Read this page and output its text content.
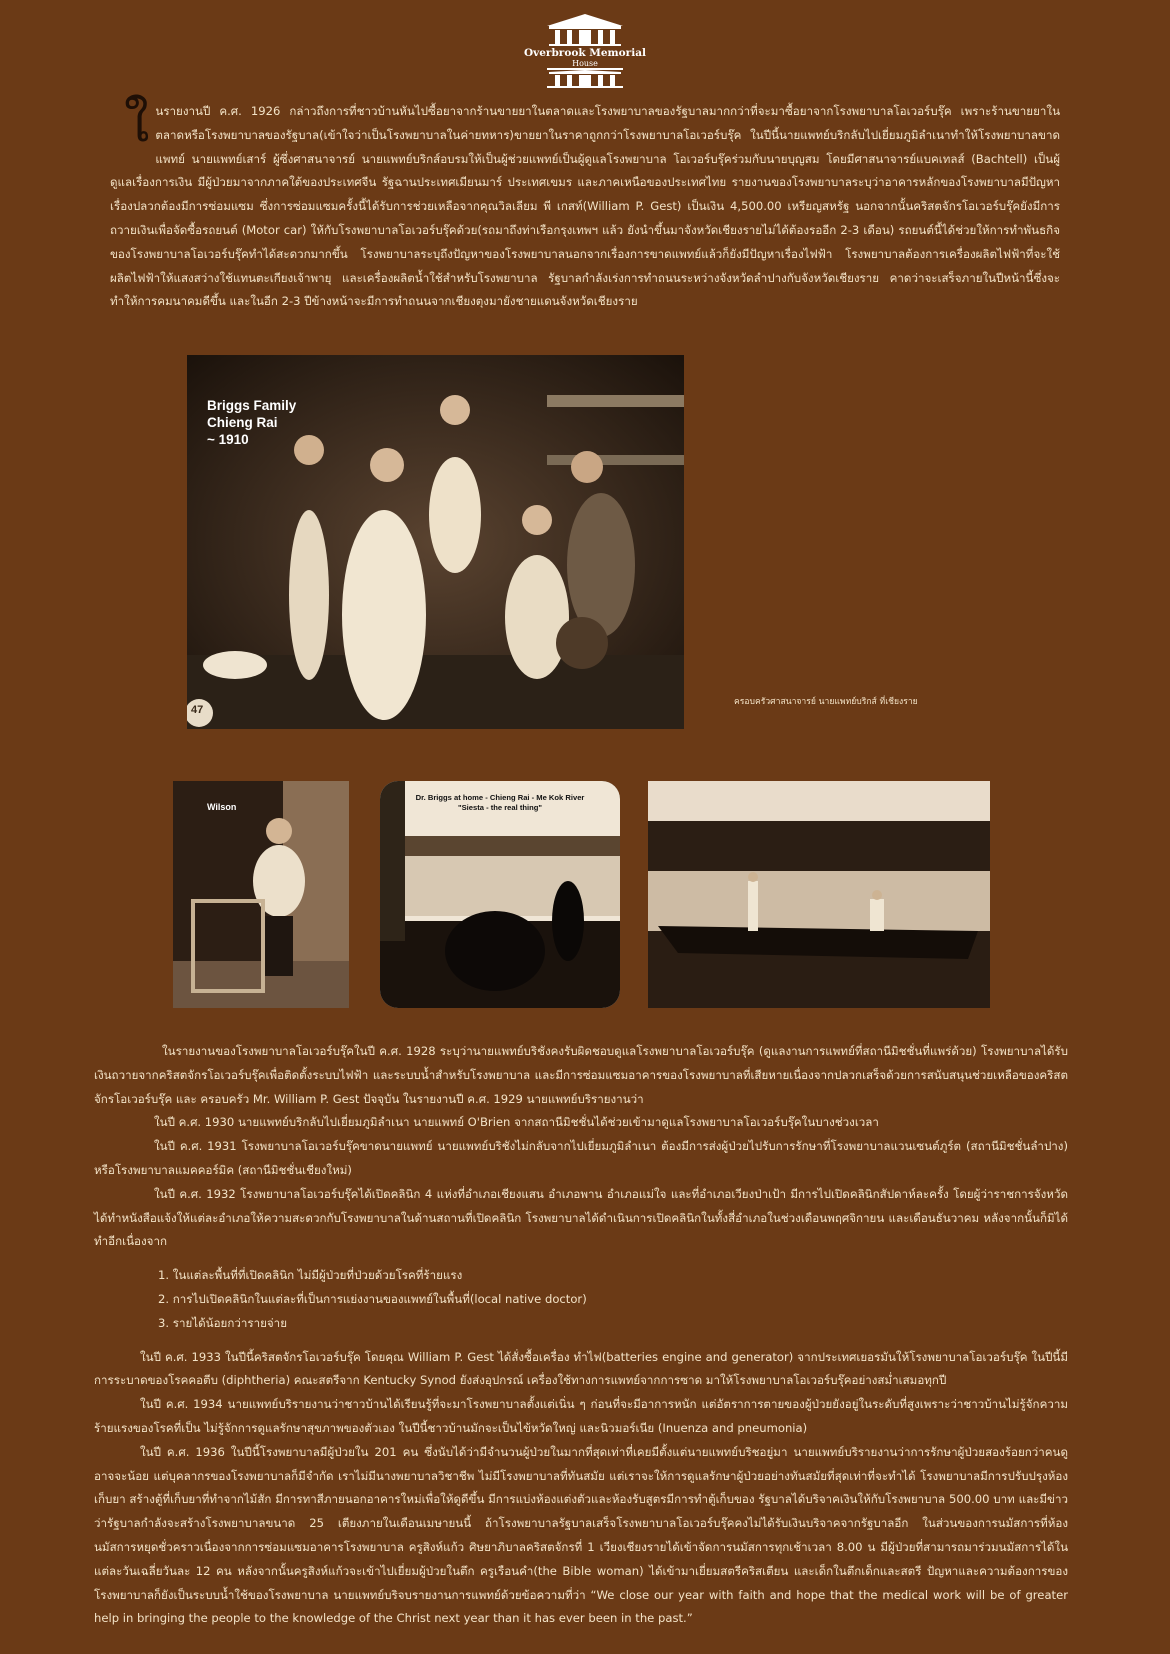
Overbrook Memorial
House
ใ นรายงานปี ค.ศ. 1926 กล่าวถึงการที่ชาวบ้านหันไปซื้อยาจากร้านขายยาในตลาดและโรงพยาบาลของรัฐบาลมากกว่าที่จะมาซื้อยาจากโรงพยาบาลโอเวอร์บรุ๊ค เพราะร้านขายยาในตลาดหรือโรงพยาบาลของรัฐบาล(เข้าใจว่าเป็นโรงพยาบาลในค่ายทหาร)ขายยาในราคาถูกกว่าโรงพยาบาลโอเวอร์บรุ๊ค ในปีนี้นายแพทย์บริกลับไปเยี่ยมภูมิลำเนาทำให้โรงพยาบาลขาดแพทย์ นายแพทย์เสาร์ ผู้ซึ่งศาสนาจารย์ นายแพทย์บริกส์อบรมให้เป็นผู้ช่วยแพทย์เป็นผู้ดูแลโรงพยาบาล โอเวอร์บรุ๊คร่วมกับนายบุญสม โดยมีศาสนาจารย์แบคเทลส์ (Bachtell) เป็นผู้ดูแลเรื่องการเงิน มีผู้ป่วยมาจากภาคใต้ของประเทศจีน รัฐฉานประเทศเมียนมาร์ ประเทศเขมร และภาคเหนือของประเทศไทย รายงานของโรงพยาบาลระบุว่าอาคารหลักของโรงพยาบาลมีปัญหาเรื่องปลวกต้องมีการซ่อมแซม ซึ่งการซ่อมแซมครั้งนี้ได้รับการช่วยเหลือจากคุณวิลเลียม พี เกสท์(William P. Gest) เป็นเงิน 4,500.00 เหรียญสหรัฐ นอกจากนั้นคริสตจักรโอเวอร์บรุ๊คยังมีการถวายเงินเพื่อจัดซื้อรถยนต์ (Motor car) ให้กับโรงพยาบาลโอเวอร์บรุ๊คด้วย(รถมาถึงท่าเรือกรุงเทพฯ แล้ว ยังนำขึ้นมาจังหวัดเชียงรายไม่ได้ต้องรออีก 2-3 เดือน) รถยนต์นี้ได้ช่วยให้การทำพันธกิจของโรงพยาบาลโอเวอร์บรุ๊คทำได้สะดวกมากขึ้น โรงพยาบาลระบุถึงปัญหาของโรงพยาบาลนอกจากเรื่องการขาดแพทย์แล้วก็ยังมีปัญหาเรื่องไฟฟ้า โรงพยาบาลต้องการเครื่องผลิตไฟฟ้าที่จะใช้ผลิตไฟฟ้าให้แสงสว่างใช้แทนตะเกียงเจ้าพายุ และเครื่องผลิตน้ำใช้สำหรับโรงพยาบาล รัฐบาลกำลังเร่งการทำถนนระหว่างจังหวัดลำปางกับจังหวัดเชียงราย คาดว่าจะเสร็จภายในปีหน้านี้ซึ่งจะทำให้การคมนาคมดีขึ้น และในอีก 2-3 ปีข้างหน้าจะมีการทำถนนจากเชียงตุงมายังชายแดนจังหวัดเชียงราย

Briggs Family
Chieng Rai
~ 1910
47
ครอบครัวศาสนาจารย์ นายแพทย์บริกส์ ที่เชียงราย
Wilson
Dr. Briggs at home - Chieng Rai - Me Kok River
"Siesta - the real thing"

ในรายงานของโรงพยาบาลโอเวอร์บรุ๊คในปี ค.ศ. 1928 ระบุว่านายแพทย์บริชังคงรับผิดชอบดูแลโรงพยาบาลโอเวอร์บรุ๊ค (ดูแลงานการแพทย์ที่สถานีมิชชั่นที่แพร่ด้วย) โรงพยาบาลได้รับเงินถวายจากคริสตจักรโอเวอร์บรุ๊คเพื่อติดตั้งระบบไฟฟ้า และระบบน้ำสำหรับโรงพยาบาล และมีการซ่อมแซมอาคารของโรงพยาบาลที่เสียหายเนื่องจากปลวกเสร็จด้วยการสนับสนุนช่วยเหลือของคริสตจักรโอเวอร์บรุ๊ค และ ครอบครัว Mr. William P. Gest ปัจจุบัน ในรายงานปี ค.ศ. 1929 นายแพทย์บริรายงานว่า

ในปี ค.ศ. 1930 นายแพทย์บริกลับไปเยี่ยมภูมิลำเนา นายแพทย์ O'Brien จากสถานีมิชชั่นได้ช่วยเข้ามาดูแลโรงพยาบาลโอเวอร์บรุ๊คในบางช่วงเวลา

ในปี ค.ศ. 1931 โรงพยาบาลโอเวอร์บรุ๊คขาดนายแพทย์ นายแพทย์บริชังไม่กลับจากไปเยี่ยมภูมิลำเนา ต้องมีการส่งผู้ป่วยไปรับการรักษาที่โรงพยาบาลแวนเซนต์ภูร์ต (สถานีมิชชั่นลำปาง) หรือโรงพยาบาลแมคคอร์มิค (สถานีมิชชั่นเชียงใหม่)

ในปี ค.ศ. 1932 โรงพยาบาลโอเวอร์บรุ๊คได้เปิดคลินิก 4 แห่งที่อำเภอเชียงแสน อำเภอพาน อำเภอแม่ใจ และที่อำเภอเวียงป่าเป้า มีการไปเปิดคลินิกสัปดาห์ละครั้ง โดยผู้ว่าราชการจังหวัดได้ทำหนังสือแจ้งให้แต่ละอำเภอให้ความสะดวกกับโรงพยาบาลในด้านสถานที่เปิดคลินิก โรงพยาบาลได้ดำเนินการเปิดคลินิกในทั้งสี่อำเภอในช่วงเดือนพฤศจิกายน และเดือนธันวาคม หลังจากนั้นก็มิได้ทำอีกเนื่องจาก

1. ในแต่ละพื้นที่ที่เปิดคลินิก ไม่มีผู้ป่วยที่ป่วยด้วยโรคที่ร้ายแรง
2. การไปเปิดคลินิกในแต่ละที่เป็นการแย่งงานของแพทย์ในพื้นที่(local native doctor)
3. รายได้น้อยกว่ารายจ่าย

ในปี ค.ศ. 1933 ในปีนี้คริสตจักรโอเวอร์บรุ๊ค โดยคุณ William P. Gest ได้สั่งซื้อเครื่อง ทำไฟ(batteries engine and generator) จากประเทศเยอรมันให้โรงพยาบาลโอเวอร์บรุ๊ค ในปีนี้มีการระบาดของโรคคอตีบ (diphtheria) คณะสตรีจาก Kentucky Synod ยังส่งอุปกรณ์ เครื่องใช้ทางการแพทย์จากการซาด มาให้โรงพยาบาลโอเวอร์บรุ๊คอย่างสม่ำเสมอทุกปี

ในปี ค.ศ. 1934 นายแพทย์บริรายงานว่าชาวบ้านได้เรียนรู้ที่จะมาโรงพยาบาลตั้งแต่เนิ่น ๆ ก่อนที่จะมีอาการหนัก แต่อัตราการตายของผู้ป่วยยังอยู่ในระดับที่สูงเพราะว่าชาวบ้านไม่รู้จักความร้ายแรงของโรคที่เป็น ไม่รู้จักการดูแลรักษาสุขภาพของตัวเอง ในปีนี้ชาวบ้านมักจะเป็นไข้หวัดใหญ่ และนิวมอร์เนีย (Inuenza and pneumonia)

ในปี ค.ศ. 1936 ในปีนี้โรงพยาบาลมีผู้ป่วยใน 201 คน ซึ่งนับได้ว่ามีจำนวนผู้ป่วยในมากที่สุดเท่าที่เคยมีตั้งแต่นายแพทย์บริชอยู่มา นายแพทย์บริรายงานว่าการรักษาผู้ป่วยสองร้อยกว่าคนดูอาจจะน้อย แต่บุคลากรของโรงพยาบาลก็มีจำกัด เราไม่มีนางพยาบาลวิชาชีพ ไม่มีโรงพยาบาลที่ทันสมัย แต่เราจะให้การดูแลรักษาผู้ป่วยอย่างทันสมัยที่สุดเท่าที่จะทำได้ โรงพยาบาลมีการปรับปรุงห้องเก็บยา สร้างตู้ที่เก็บยาที่ทำจากไม้สัก มีการทาสีภายนอกอาคารใหม่เพื่อให้ดูดีขึ้น มีการแบ่งห้องแต่งตัวและห้องรับสูตรมีการทำตู้เก็บของ รัฐบาลได้บริจาคเงินให้กับโรงพยาบาล 500.00 บาท และมีข่าวว่ารัฐบาลกำลังจะสร้างโรงพยาบาลขนาด 25 เตียงภายในเดือนเมษายนนี้ ถ้าโรงพยาบาลรัฐบาลเสร็จโรงพยาบาลโอเวอร์บรุ๊คคงไม่ได้รับเงินบริจาคจากรัฐบาลอีก ในส่วนของการนมัสการที่ห้องนมัสการหยุดชั่วคราวเนื่องจากการซ่อมแซมอาคารโรงพยาบาล ครูสิงห์แก้ว ศิษยาภิบาลคริสตจักรที่ 1 เวียงเชียงรายได้เข้าจัดการนมัสการทุกเช้าเวลา 8.00 น มีผู้ป่วยที่สามารถมาร่วมนมัสการได้ในแต่ละวันเฉลี่ยวันละ 12 คน หลังจากนั้นครูสิงห์แก้วจะเข้าไปเยี่ยมผู้ป่วยในตึก ครูเรือนคำ(the Bible woman) ได้เข้ามาเยี่ยมสตรีคริสเตียน และเด็กในตึกเด็กและสตรี ปัญหาและความต้องการของโรงพยาบาลก็ยังเป็นระบบน้ำใช้ของโรงพยาบาล นายแพทย์บริจบรายงานการแพทย์ด้วยข้อความที่ว่า “We close our year with faith and hope that the medical work will be of greater help in bringing the people to the knowledge of the Christ next year than it has ever been in the past.”
